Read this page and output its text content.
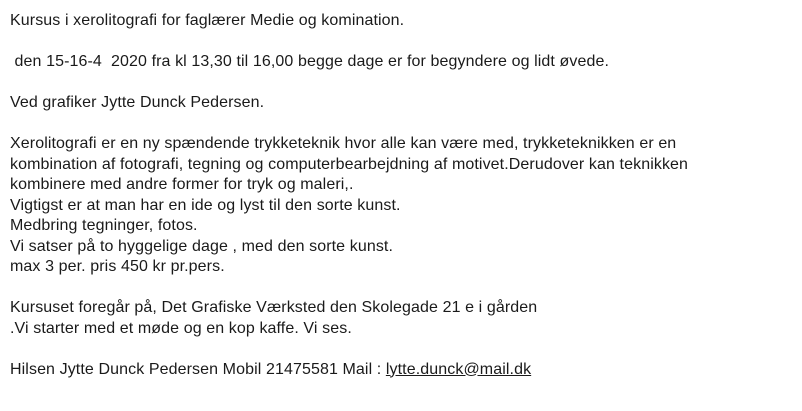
Kursus i xerolitografi for faglærer Medie og komination.

den 15-16-4  2020 fra kl 13,30 til 16,00 begge dage er for begyndere og lidt øvede.

Ved grafiker Jytte Dunck Pedersen.

Xerolitografi er en ny spændende trykketeknik hvor alle kan være med, trykketeknikken er en
kombination af fotografi, tegning og computerbearbejdning af motivet.Derudover kan teknikken
kombinere med andre former for tryk og maleri,.
Vigtigst er at man har en ide og lyst til den sorte kunst.
Medbring tegninger, fotos.
Vi satser på to hyggelige dage , med den sorte kunst.
max 3 per. pris 450 kr pr.pers.

Kursuset foregår på, Det Grafiske Værksted den Skolegade 21 e i gården
.Vi starter med et møde og en kop kaffe. Vi ses.

Hilsen Jytte Dunck Pedersen Mobil 21475581 Mail : lytte.dunck@mail.dk
